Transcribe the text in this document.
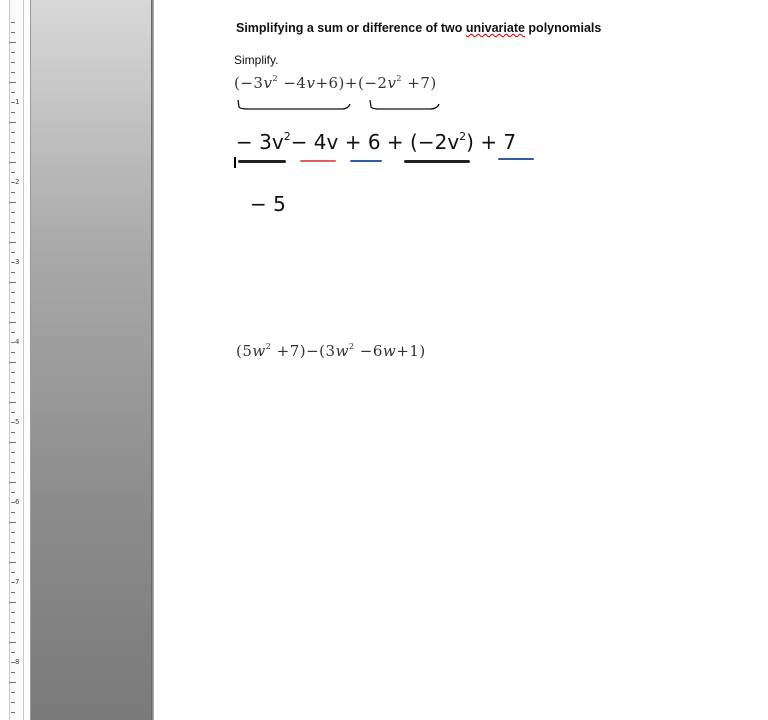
1
2
3
4
5
6
7
8
Simplifying a sum or difference of two univariate polynomials
Simplify.
$(-3v^2 -4v+6)+(-2v^2 +7)$
− $3v^2- 4v + 6 + (-2v^2) + 7$
− 5
$(5w^2 +7)-(3w^2 -6w+1)$
